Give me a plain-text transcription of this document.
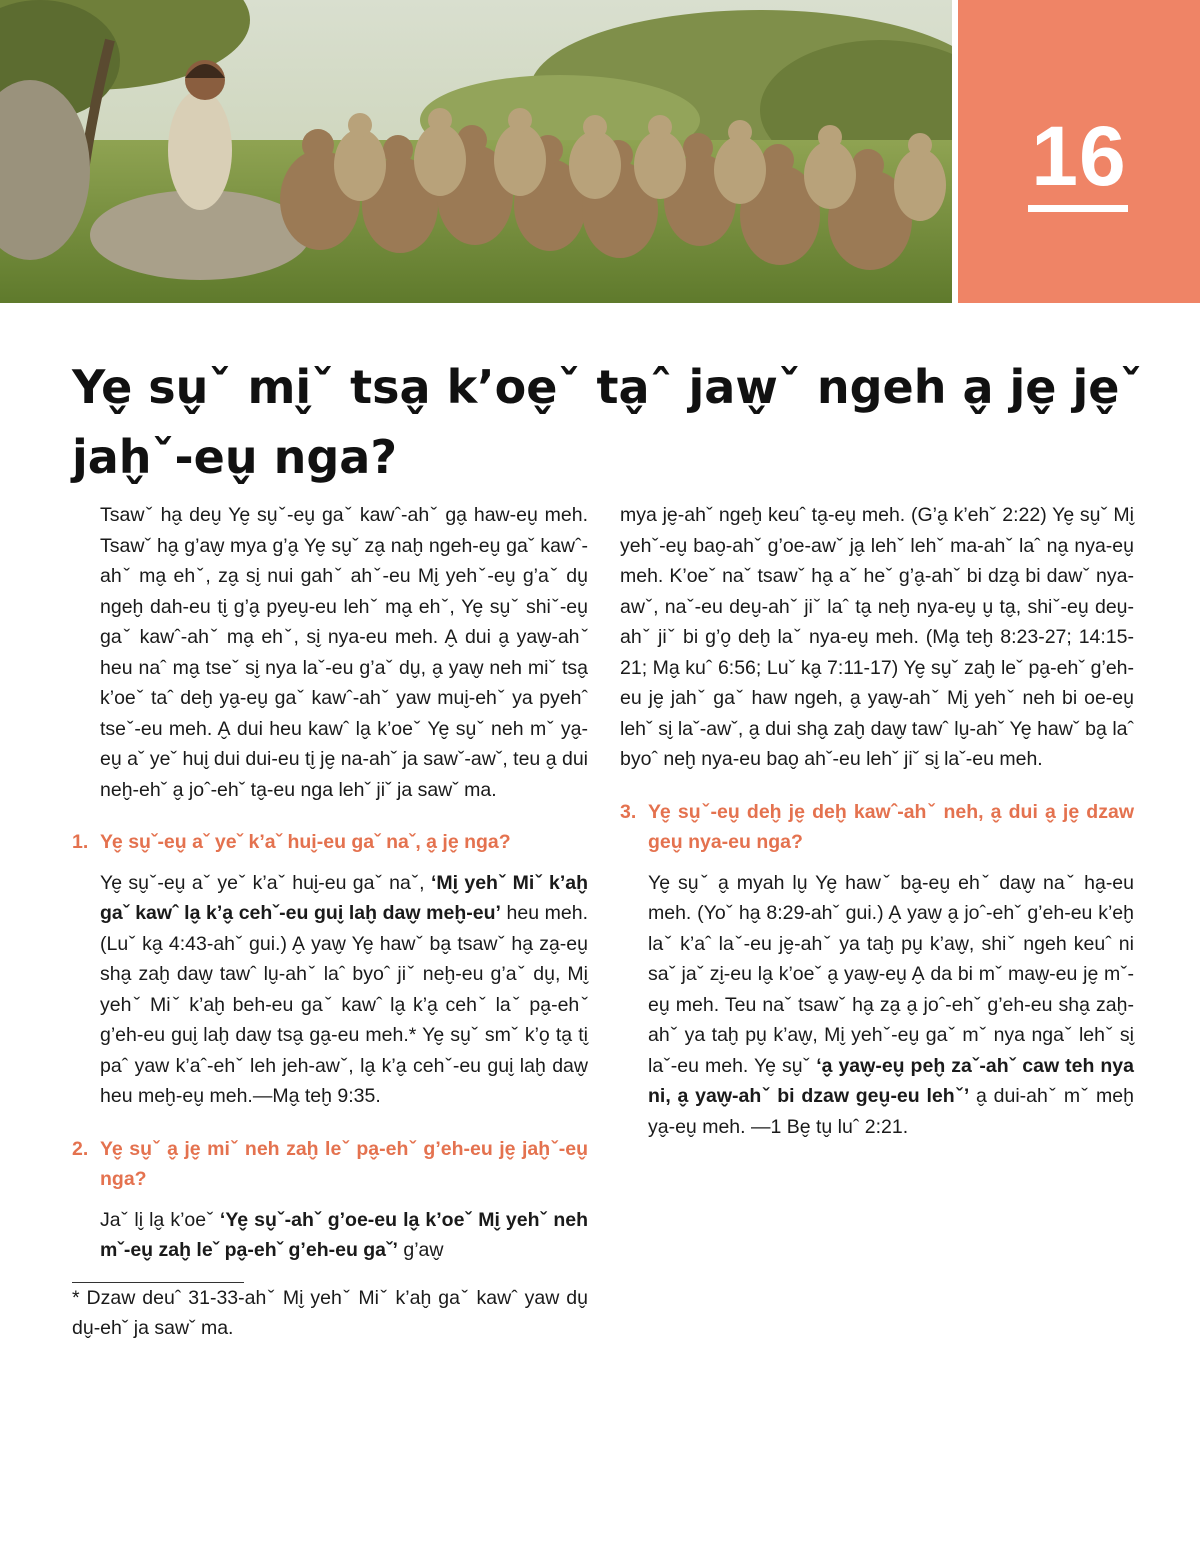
16
Ye̬ su̬ˇ mi̬ˇ tsa̬ k’oe̬ˇ ta̬ˆ jaw̬ˇ ngeh a̬ je̬ je̬ˇ jah̬ˇ-eu̬ nga?

Tsawˇ ha̬ deu̬ Ye̬ su̬ˇ-eu̬ gaˇ kawˆ-ahˇ ga̬ haw-eu̬ meh. Tsawˇ ha̬ g’aw̬ mya g’a̬ Ye̬ su̬ˇ za̬ nah̬ ngeh-eu̬ gaˇ kawˆ-ahˇ ma̬ ehˇ, za̬ si̬ nui gahˇ ahˇ-eu Mi̬ yehˇ-eu̬ g’aˇ du̬ ngeh̬ dah-eu ti̬ g’a̬ pyeu̬-eu lehˇ ma̬ ehˇ, Ye̬ su̬ˇ shiˇ-eu̬ gaˇ kawˆ-ahˇ ma̬ ehˇ, si̬ nya-eu meh. A̬ dui a̬ yaw̬-ahˇ heu naˆ ma̬ tseˇ si̬ nya laˇ-eu g’aˇ du̬, a̬ yaw̬ neh miˇ tsa̬ k’oeˇ taˆ deh̬ ya̬-eu̬ gaˇ kawˆ-ahˇ yaw mui̬-ehˇ ya pyehˆ tseˇ-eu meh. A̬ dui heu kawˆ la̬ k’oeˇ Ye̬ su̬ˇ neh mˇ ya̬-eu̬ aˇ yeˇ hui̬ dui dui-eu ti̬ je̬ na-ahˇ ja sawˇ-awˇ, teu a̬ dui neh̬-ehˇ a̬ joˆ-ehˇ ta̬-eu nga lehˇ jiˇ ja sawˇ ma.

1. Ye̬ su̬ˇ-eu̬ aˇ yeˇ k’aˇ hui̬-eu gaˇ naˇ, a̬ je̬ nga?

Ye̬ su̬ˇ-eu̬ aˇ yeˇ k’aˇ hui̬-eu gaˇ naˇ, ‘Mi̬ yehˇ Miˇ k’ah̬ gaˇ kawˆ la̬ k’a̬ cehˇ-eu gui̬ lah̬ daw̬ meh̬-eu’ heu meh. (Luˇ ka̬ 4:43-ahˇ gui.) A̬ yaw̬ Ye̬ hawˇ ba̬ tsawˇ ha̬ za̬-eu̬ sha̬ zah̬ daw̬ tawˆ lu̬-ahˇ laˆ byoˆ jiˇ neh̬-eu g’aˇ du̬, Mi̬ yehˇ Miˇ k’ah̬ beh-eu gaˇ kawˆ la̬ k’a̬ cehˇ laˇ pa̬-ehˇ g’eh-eu gui̬ lah̬ daw̬ tsa̬ ga̬-eu meh.* Ye̬ su̬ˇ smˇ k’o̬ ta̬ ti̬ paˆ yaw k’aˆ-ehˇ leh jeh-awˇ, la̬ k’a̬ cehˇ-eu gui̬ lah̬ daw̬ heu meh̬-eu̬ meh.—Ma̬ teh̬ 9:35.

2. Ye̬ su̬ˇ a̬ je̬ miˇ neh zah̬ leˇ pa̬-ehˇ g’eh-eu je̬ jah̬ˇ-eu̬ nga?

Jaˇ li̬ la̬ k’oeˇ ‘Ye̬ su̬ˇ-ahˇ g’oe-eu la̬ k’oeˇ Mi̬ yehˇ neh mˇ-eu̬ zah̬ leˇ pa̬-ehˇ g’eh-eu gaˇ’ g’aw̬

* Dzaw deuˆ 31-33-ahˇ Mi̬ yehˇ Miˇ k’ah̬ gaˇ kawˆ yaw du̬ du̬-ehˇ ja sawˇ ma.

mya je̬-ahˇ ngeh̬ keuˆ ta̬-eu̬ meh. (G’a̬ k’ehˇ 2:22) Ye̬ su̬ˇ Mi̬ yehˇ-eu̬ bao̬-ahˇ g’oe-awˇ ja̬ lehˇ lehˇ ma-ahˇ laˆ na̬ nya-eu̬ meh. K’oeˇ naˇ tsawˇ ha̬ aˇ heˇ g’a̬-ahˇ bi dza̬ bi dawˇ nya-awˇ, naˇ-eu deu̬-ahˇ jiˇ laˆ ta̬ neh̬ nya-eu̬ u̬ ta̬, shiˇ-eu̬ deu̬-ahˇ jiˇ bi g’o̬ deh̬ laˇ nya-eu̬ meh. (Ma̬ teh̬ 8:23-27; 14:15-21; Ma̬ kuˆ 6:56; Luˇ ka̬ 7:11-17) Ye̬ su̬ˇ zah̬ leˇ pa̬-ehˇ g’eh-eu je̬ jahˇ gaˇ haw ngeh, a̬ yaw̬-ahˇ Mi̬ yehˇ neh bi oe-eu̬ lehˇ si̬ laˇ-awˇ, a̬ dui sha̬ zah̬ daw̬ tawˆ lu̬-ahˇ Ye̬ hawˇ ba̬ laˆ byoˆ neh̬ nya-eu bao̬ ahˇ-eu lehˇ jiˇ si̬ laˇ-eu meh.

3. Ye̬ su̬ˇ-eu̬ deh̬ je̬ deh̬ kawˆ-ahˇ neh, a̬ dui a̬ je̬ dzaw geu̬ nya-eu nga?

Ye̬ su̬ˇ a̬ myah lu̬ Ye̬ hawˇ ba̬-eu̬ ehˇ daw̬ naˇ ha̬-eu meh. (Yoˇ ha̬ 8:29-ahˇ gui.) A̬ yaw̬ a̬ joˆ-ehˇ g’eh-eu k’eh̬ laˇ k’aˆ laˇ-eu je̬-ahˇ ya tah̬ pu̬ k’aw̬, shiˇ ngeh keuˆ ni saˇ jaˇ zi̬-eu la̬ k’oeˇ a̬ yaw̬-eu̬ A̬ da bi mˇ maw̬-eu je̬ mˇ-eu̬ meh. Teu naˇ tsawˇ ha̬ za̬ a̬ joˆ-ehˇ g’eh-eu sha̬ zah̬-ahˇ ya tah̬ pu̬ k’aw̬, Mi̬ yehˇ-eu̬ gaˇ mˇ nya ngaˇ lehˇ si̬ laˇ-eu meh. Ye̬ su̬ˇ ‘a̬ yaw̬-eu̬ peh̬ zaˇ-ahˇ caw teh nya ni, a̬ yaw̬-ahˇ bi dzaw geu̬-eu lehˇ’ a̬ dui-ahˇ mˇ meh̬ ya̬-eu̬ meh. —1 Be̬ tu̬ luˆ 2:21.
